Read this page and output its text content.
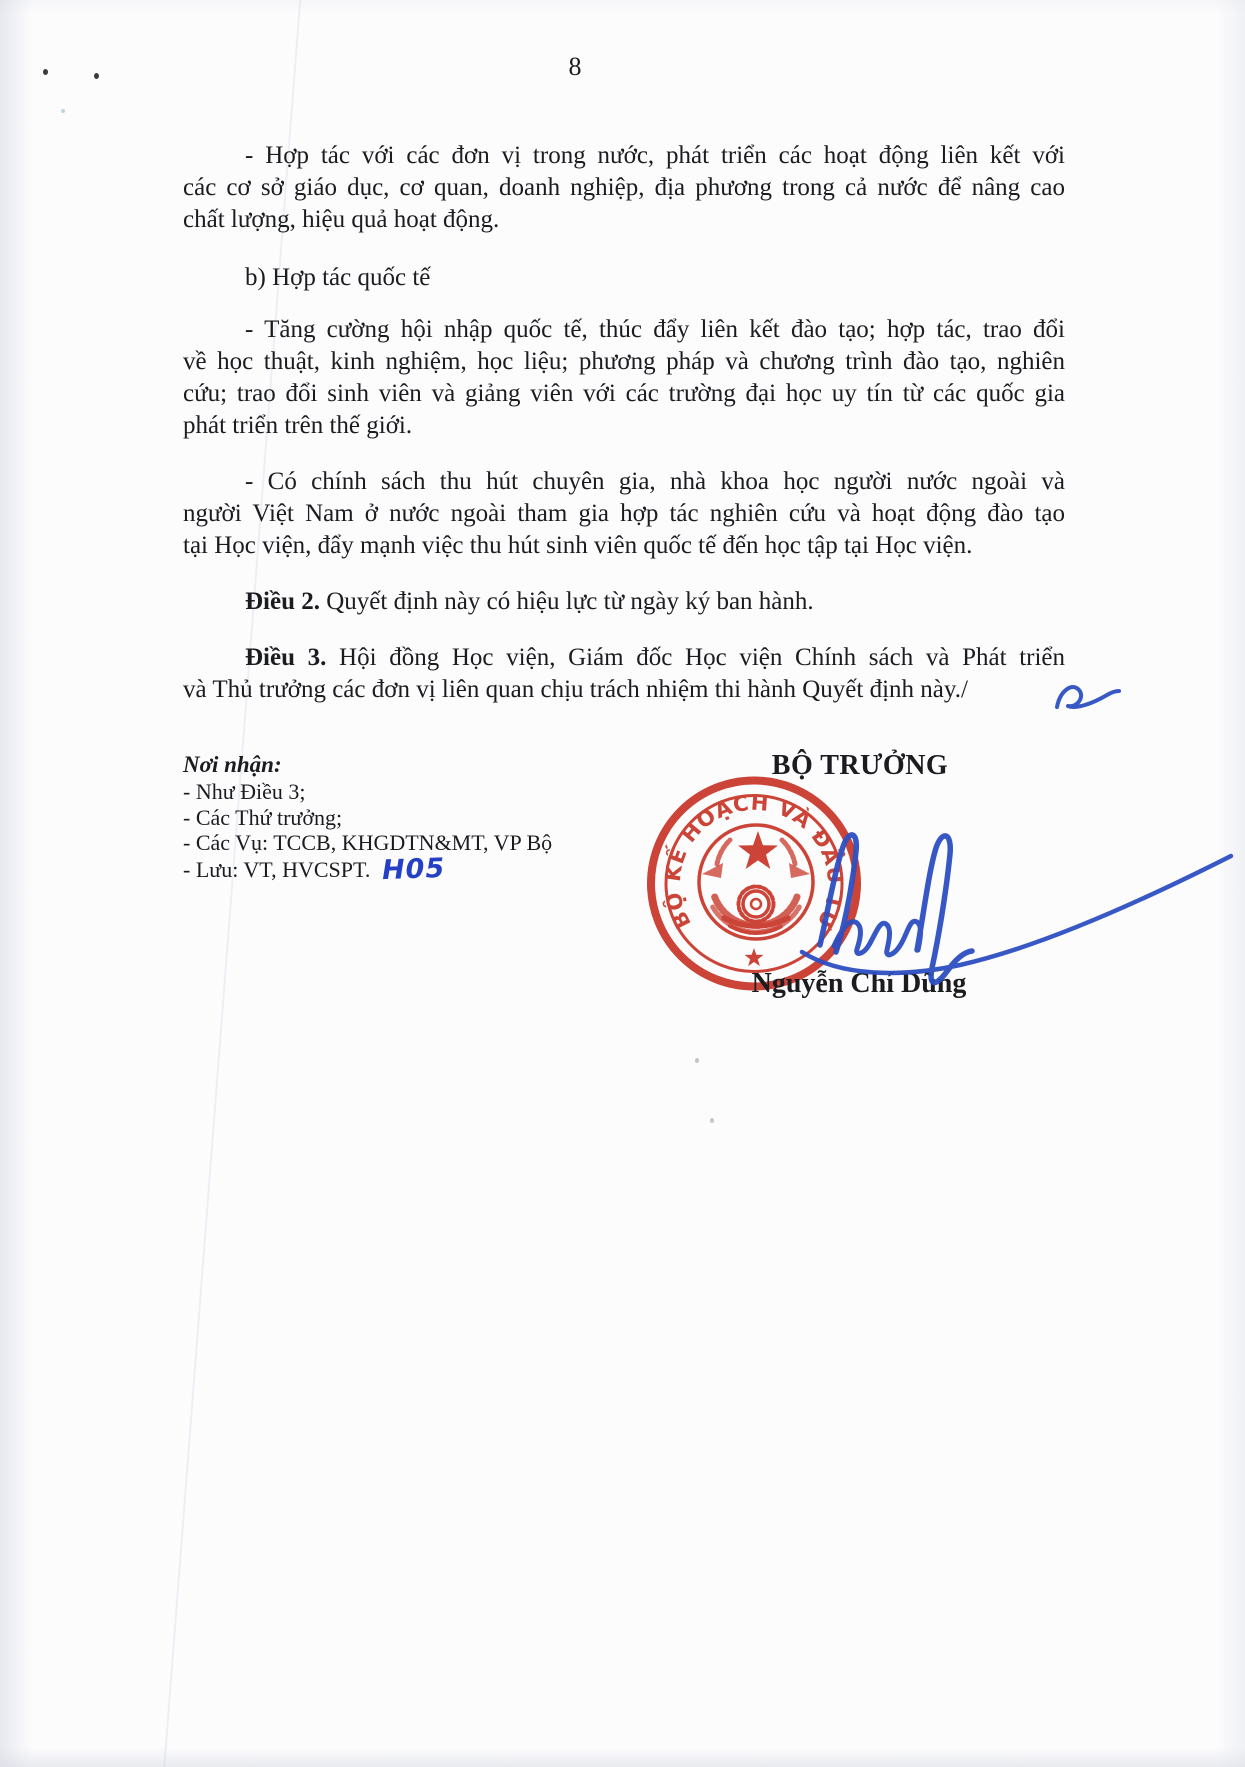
8
- Hợp tác với các đơn vị trong nước, phát triển các hoạt động liên kết với
các cơ sở giáo dục, cơ quan, doanh nghiệp, địa phương trong cả nước để nâng cao
chất lượng, hiệu quả hoạt động.
b) Hợp tác quốc tế
- Tăng cường hội nhập quốc tế, thúc đẩy liên kết đào tạo; hợp tác, trao đổi
về học thuật, kinh nghiệm, học liệu; phương pháp và chương trình đào tạo, nghiên
cứu; trao đổi sinh viên và giảng viên với các trường đại học uy tín từ các quốc gia
phát triển trên thế giới.
- Có chính sách thu hút chuyên gia, nhà khoa học người nước ngoài và
người Việt Nam ở nước ngoài tham gia hợp tác nghiên cứu và hoạt động đào tạo
tại Học viện, đẩy mạnh việc thu hút sinh viên quốc tế đến học tập tại Học viện.
Điều 2. Quyết định này có hiệu lực từ ngày ký ban hành.
Điều 3. Hội đồng Học viện, Giám đốc Học viện Chính sách và Phát triển
và Thủ trưởng các đơn vị liên quan chịu trách nhiệm thi hành Quyết định này./
Nơi nhận:
- Như Điều 3;
- Các Thứ trưởng;
- Các Vụ: TCCB, KHGDTN&MT, VP Bộ
- Lưu: VT, HVCSPT. H05
BỘ TRƯỞNG
BỘ KẾ HOẠCH VÀ ĐẦU TƯ
Nguyễn Chí Dũng
